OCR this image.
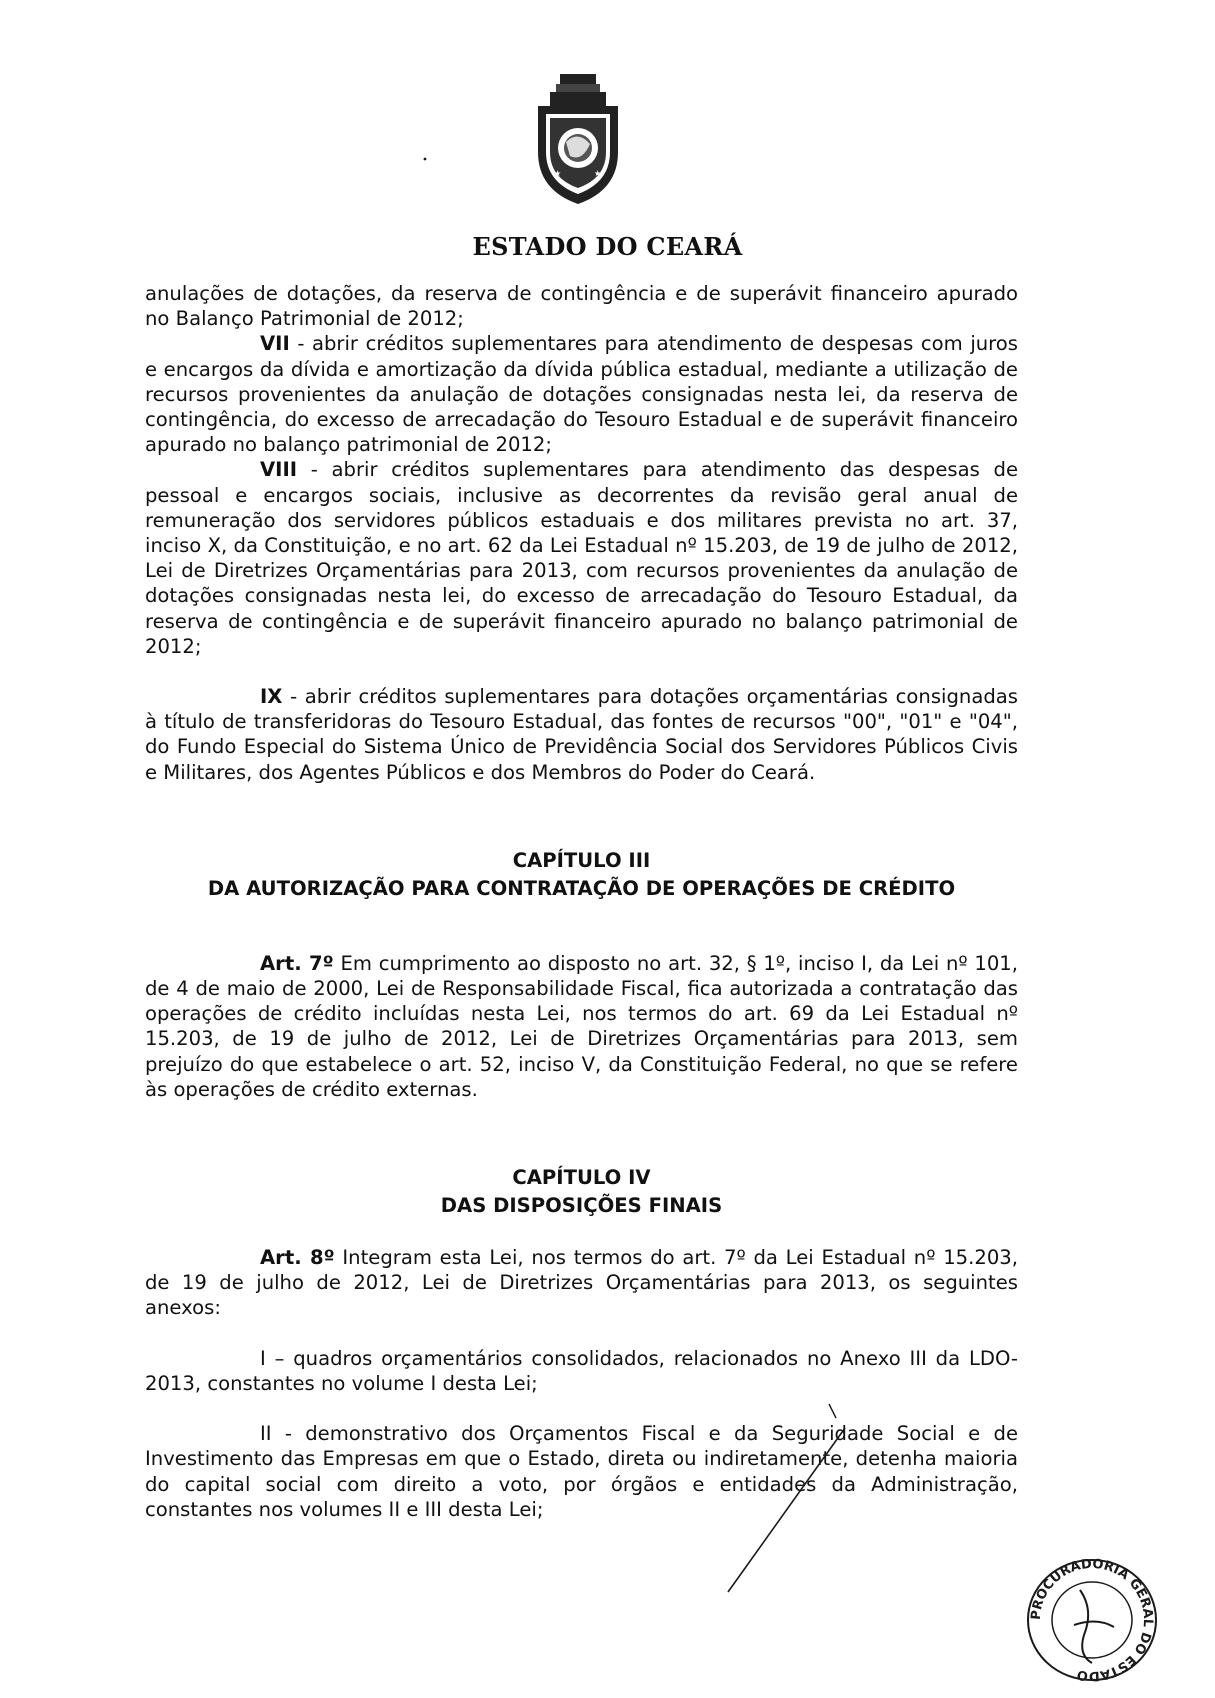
★	★
ESTADO DO CEARÁ

anulações de dotações, da reserva de contingência e de superávit financeiro apurado no Balanço Patrimonial de 2012;

VII - abrir créditos suplementares para atendimento de despesas com juros e encargos da dívida e amortização da dívida pública estadual, mediante a utilização de recursos provenientes da anulação de dotações consignadas nesta lei, da reserva de contingência, do excesso de arrecadação do Tesouro Estadual e de superávit financeiro apurado no balanço patrimonial de 2012;

VIII - abrir créditos suplementares para atendimento das despesas de pessoal e encargos sociais, inclusive as decorrentes da revisão geral anual de remuneração dos servidores públicos estaduais e dos militares prevista no art. 37, inciso X, da Constituição, e no art. 62 da Lei Estadual nº 15.203, de 19 de julho de 2012, Lei de Diretrizes Orçamentárias para 2013, com recursos provenientes da anulação de dotações consignadas nesta lei, do excesso de arrecadação do Tesouro Estadual, da reserva de contingência e de superávit financeiro apurado no balanço patrimonial de 2012;

IX - abrir créditos suplementares para dotações orçamentárias consignadas à título de transferidoras do Tesouro Estadual, das fontes de recursos "00", "01" e "04", do Fundo Especial do Sistema Único de Previdência Social dos Servidores Públicos Civis e Militares, dos Agentes Públicos e dos Membros do Poder do Ceará.

CAPÍTULO III
DA AUTORIZAÇÃO PARA CONTRATAÇÃO DE OPERAÇÕES DE CRÉDITO

Art. 7º Em cumprimento ao disposto no art. 32, § 1º, inciso I, da Lei nº 101, de 4 de maio de 2000, Lei de Responsabilidade Fiscal, fica autorizada a contratação das operações de crédito incluídas nesta Lei, nos termos do art. 69 da Lei Estadual nº 15.203, de 19 de julho de 2012, Lei de Diretrizes Orçamentárias para 2013, sem prejuízo do que estabelece o art. 52, inciso V, da Constituição Federal, no que se refere às operações de crédito externas.

CAPÍTULO IV
DAS DISPOSIÇÕES FINAIS

Art. 8º Integram esta Lei, nos termos do art. 7º da Lei Estadual nº 15.203, de 19 de julho de 2012, Lei de Diretrizes Orçamentárias para 2013, os seguintes anexos:

I – quadros orçamentários consolidados, relacionados no Anexo III da LDO-2013, constantes no volume I desta Lei;

II - demonstrativo dos Orçamentos Fiscal e da Seguridade Social e de Investimento das Empresas em que o Estado, direta ou indiretamente, detenha maioria do capital social com direito a voto, por órgãos e entidades da Administração, constantes nos volumes II e III desta Lei;

PROCURADORIA GERAL DO ESTADO
